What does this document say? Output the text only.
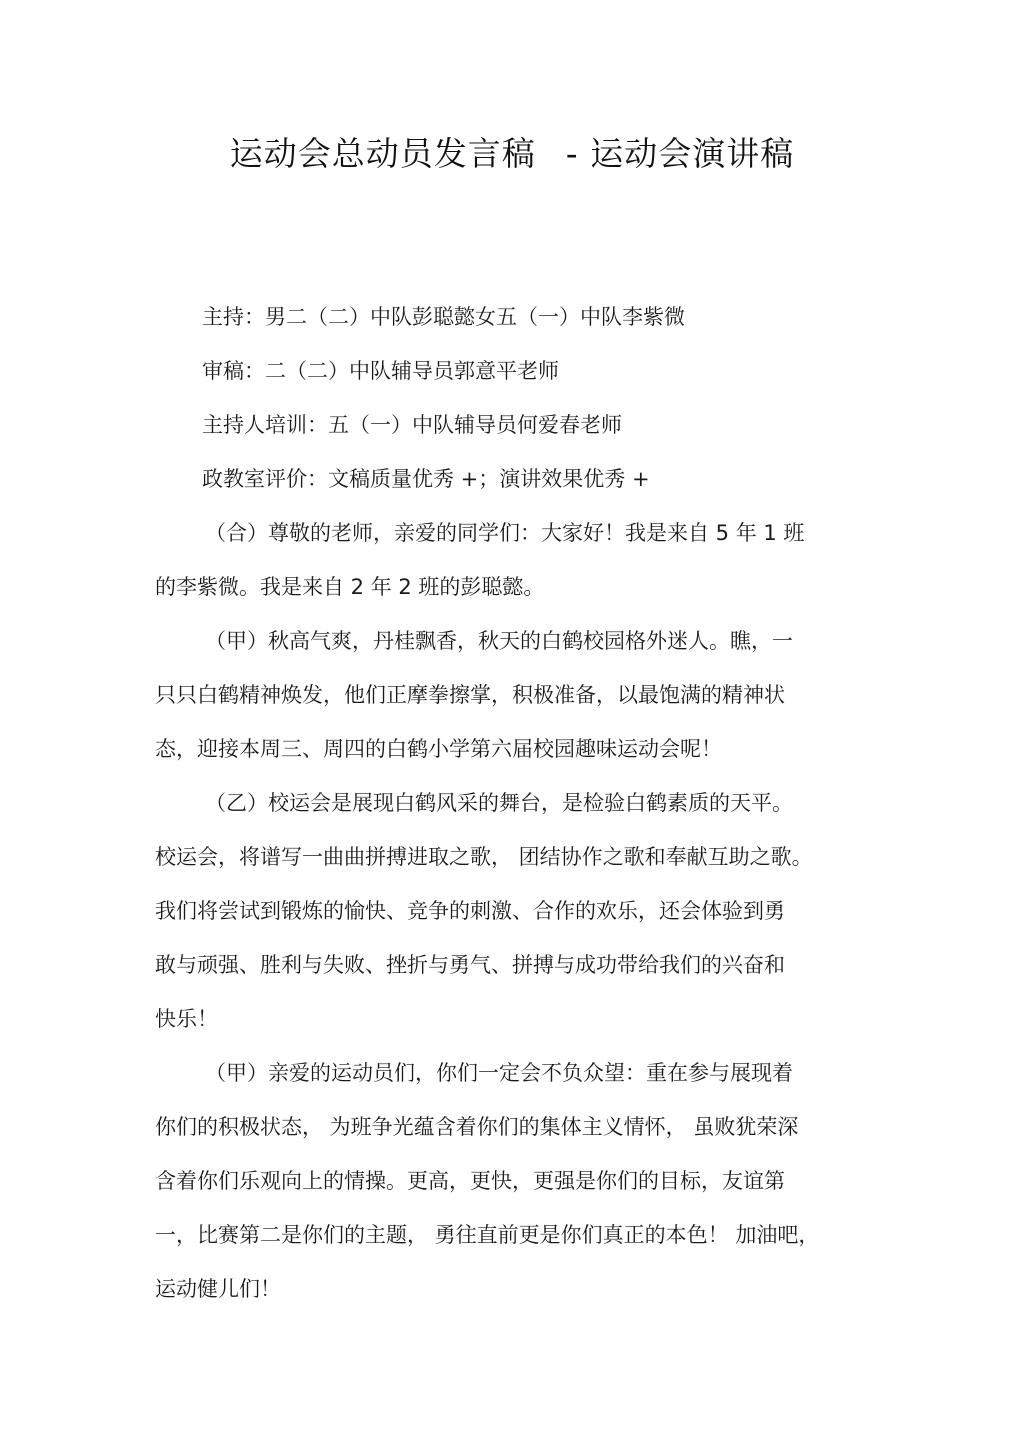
运动会总动员发言稿 - 运动会演讲稿
主持：男二（二）中队彭聪懿女五（一）中队李紫微
审稿：二（二）中队辅导员郭意平老师
主持人培训：五（一）中队辅导员何爱春老师
政教室评价：文稿质量优秀 +；演讲效果优秀 +
（合）尊敬的老师，亲爱的同学们：大家好！我是来自 5 年 1 班
的李紫微。我是来自 2 年 2 班的彭聪懿。
（甲）秋高气爽，丹桂飘香，秋天的白鹤校园格外迷人。瞧，一
只只白鹤精神焕发，他们正摩拳擦掌，积极准备，以最饱满的精神状
态，迎接本周三、周四的白鹤小学第六届校园趣味运动会呢！
（乙）校运会是展现白鹤风采的舞台，是检验白鹤素质的天平。
校运会，将谱写一曲曲拼搏进取之歌， 团结协作之歌和奉献互助之歌。
我们将尝试到锻炼的愉快、竞争的刺激、合作的欢乐，还会体验到勇
敢与顽强、胜利与失败、挫折与勇气、拼搏与成功带给我们的兴奋和
快乐！
（甲）亲爱的运动员们，你们一定会不负众望：重在参与展现着
你们的积极状态， 为班争光蕴含着你们的集体主义情怀， 虽败犹荣深
含着你们乐观向上的情操。更高，更快，更强是你们的目标，友谊第
一，比赛第二是你们的主题， 勇往直前更是你们真正的本色！ 加油吧，
运动健儿们！
